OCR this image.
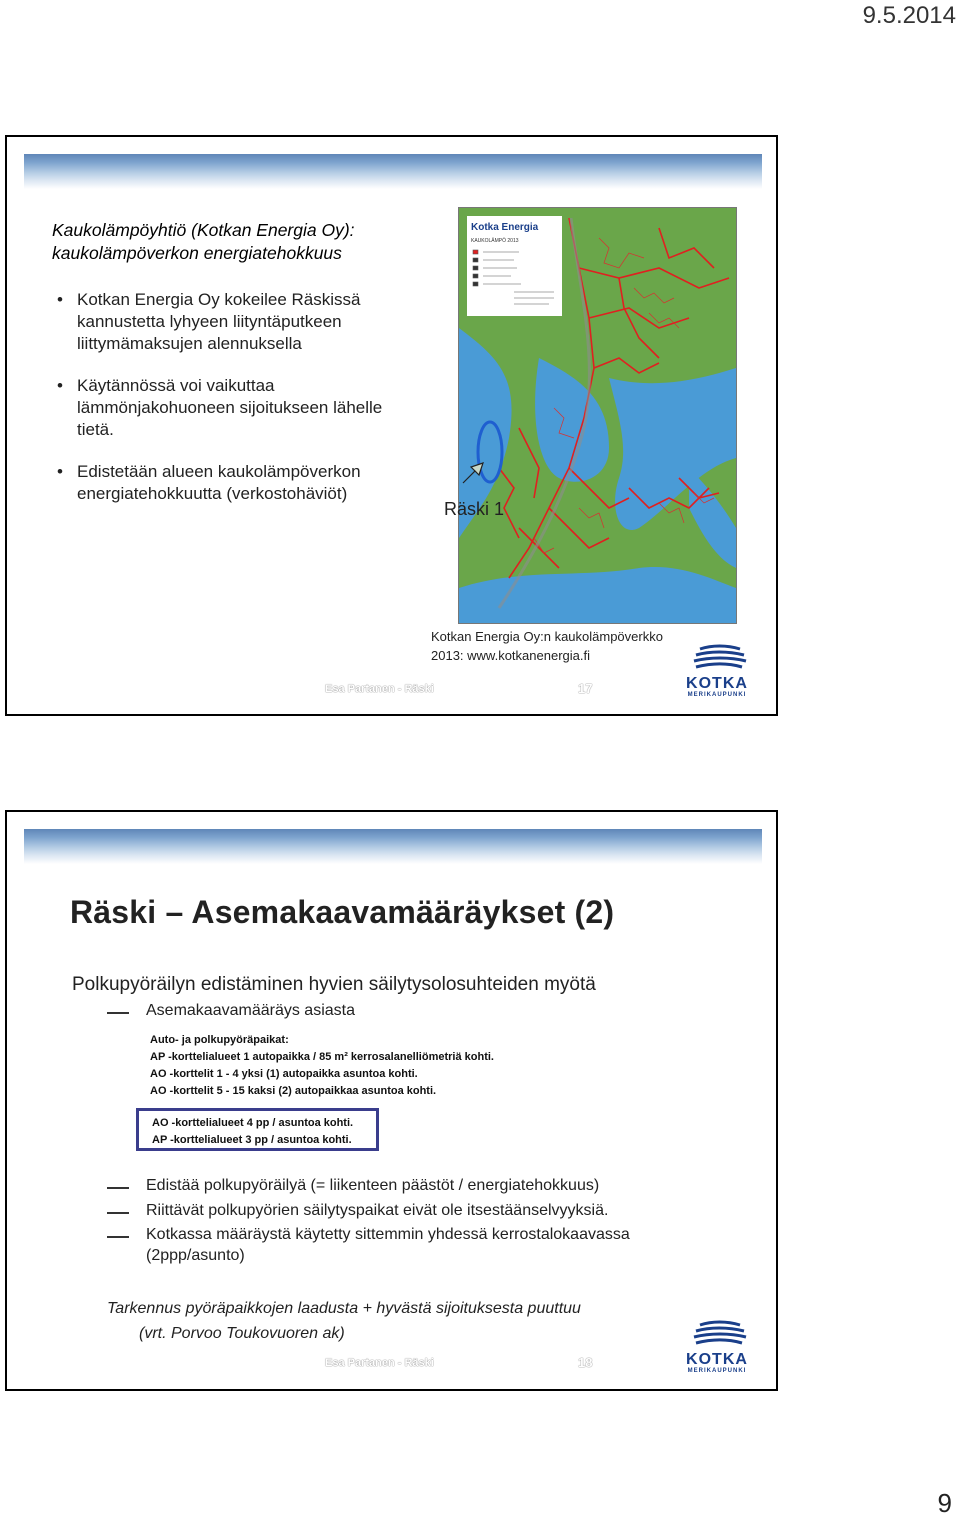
9.5.2014
Kaukolämpöyhtiö (Kotkan Energia Oy):
kaukolämpöverkon energiatehokkuus
• Kotkan Energia Oy kokeilee Räskissä kannustetta lyhyeen liityntäputkeen liittymämaksujen alennuksella
• Käytännössä voi vaikuttaa lämmönjakohuoneen sijoitukseen lähelle tietä.
• Edistetään alueen kaukolämpöverkon energiatehokkuutta (verkostohäviöt)
Kotka Energia
KAUKOLÄMPÖ 2013
Räski 1
Kotkan Energia Oy:n kaukolämpöverkko
2013: www.kotkanenergia.fi
Esa Partanen - Räski	17	KOTKA
MERIKAUPUNKI
Räski – Asemakaavamääräykset (2)
Polkupyöräilyn edistäminen hyvien säilytysolosuhteiden myötä
Asemakaavamääräys asiasta
Auto- ja polkupyöräpaikat:
AP -korttelialueet 1 autopaikka / 85 m² kerrosalanelliömetriä kohti.
AO -korttelit 1 - 4 yksi (1) autopaikka asuntoa kohti.
AO -korttelit 5 - 15 kaksi (2) autopaikkaa asuntoa kohti.
AO -korttelialueet 4 pp / asuntoa kohti.
AP -korttelialueet 3 pp / asuntoa kohti.
Edistää polkupyöräilyä (= liikenteen päästöt / energiatehokkuus)
Riittävät polkupyörien säilytyspaikat eivät ole itsestäänselvyyksiä.
Kotkassa määräystä käytetty sittemmin yhdessä kerrostalokaavassa
(2ppp/asunto)
Tarkennus pyöräpaikkojen laadusta + hyvästä sijoituksesta puuttuu
(vrt. Porvoo Toukovuoren ak)
Esa Partanen - Räski	18	KOTKA
MERIKAUPUNKI
9
